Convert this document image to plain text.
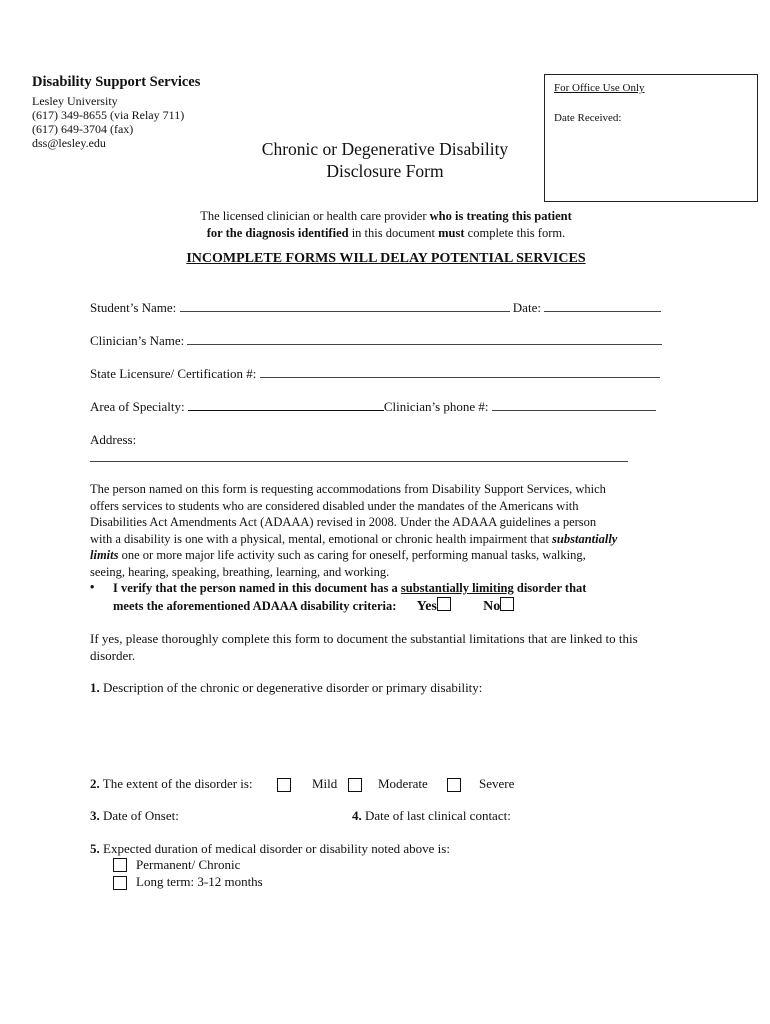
Disability Support Services
Lesley University
(617) 349-8655 (via Relay 711)
(617) 649-3704 (fax)
dss@lesley.edu
For Office Use Only
Date Received:
Chronic or Degenerative Disability
Disclosure Form
The licensed clinician or health care provider who is treating this patient
for the diagnosis identified in this document must complete this form.
INCOMPLETE FORMS WILL DELAY POTENTIAL SERVICES
Student’s Name:	Date:
Clinician’s Name:
State Licensure/ Certification #:
Area of Specialty:	Clinician’s phone #:
Address:
The person named on this form is requesting accommodations from Disability Support Services, which
offers services to students who are considered disabled under the mandates of the Americans with
Disabilities Act Amendments Act (ADAAA) revised in 2008. Under the ADAAA guidelines a person
with a disability is one with a physical, mental, emotional or chronic health impairment that substantially
limits one or more major life activity such as caring for oneself, performing manual tasks, walking,
seeing, hearing, speaking, breathing, learning, and working.
• I verify that the person named in this document has a substantially limiting disorder that
meets the aforementioned ADAAA disability criteria: Yes	No
If yes, please thoroughly complete this form to document the substantial limitations that are linked to this
disorder.
1. Description of the chronic or degenerative disorder or primary disability:
2. The extent of the disorder is:	Mild	Moderate	Severe
3. Date of Onset:	4. Date of last clinical contact:
5. Expected duration of medical disorder or disability noted above is:
Permanent/ Chronic
Long term: 3-12 months
